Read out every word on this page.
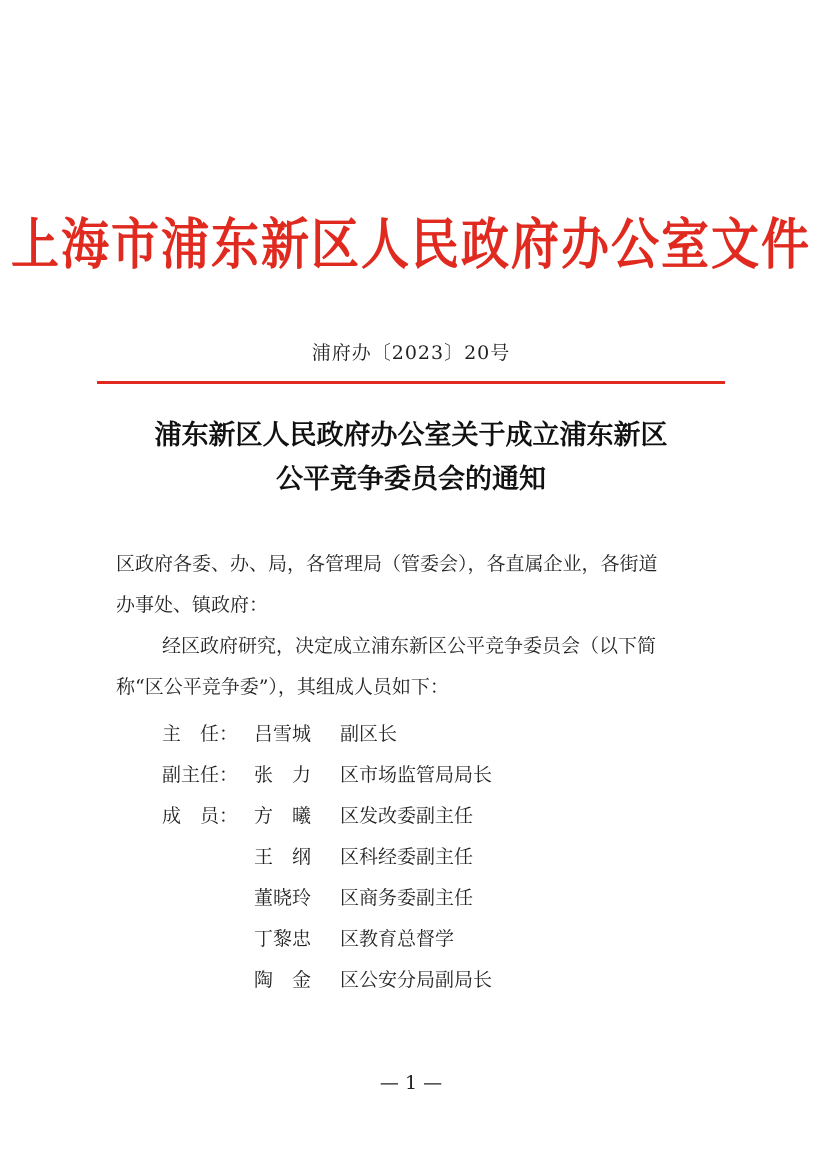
上海市浦东新区人民政府办公室文件
浦府办〔2023〕20号
浦东新区人民政府办公室关于成立浦东新区
公平竞争委员会的通知
区政府各委、办、局，各管理局（管委会），各直属企业，各街道
办事处、镇政府：
经区政府研究，决定成立浦东新区公平竞争委员会（以下简
称“区公平竞争委”），其组成人员如下：
主　任：	吕雪城	副区长
副主任：	张　力	区市场监管局局长
成　员：	方　曦	区发改委副主任
	王　纲	区科经委副主任
	董晓玲	区商务委副主任
	丁黎忠	区教育总督学
	陶　金	区公安分局副局长
— 1 —
